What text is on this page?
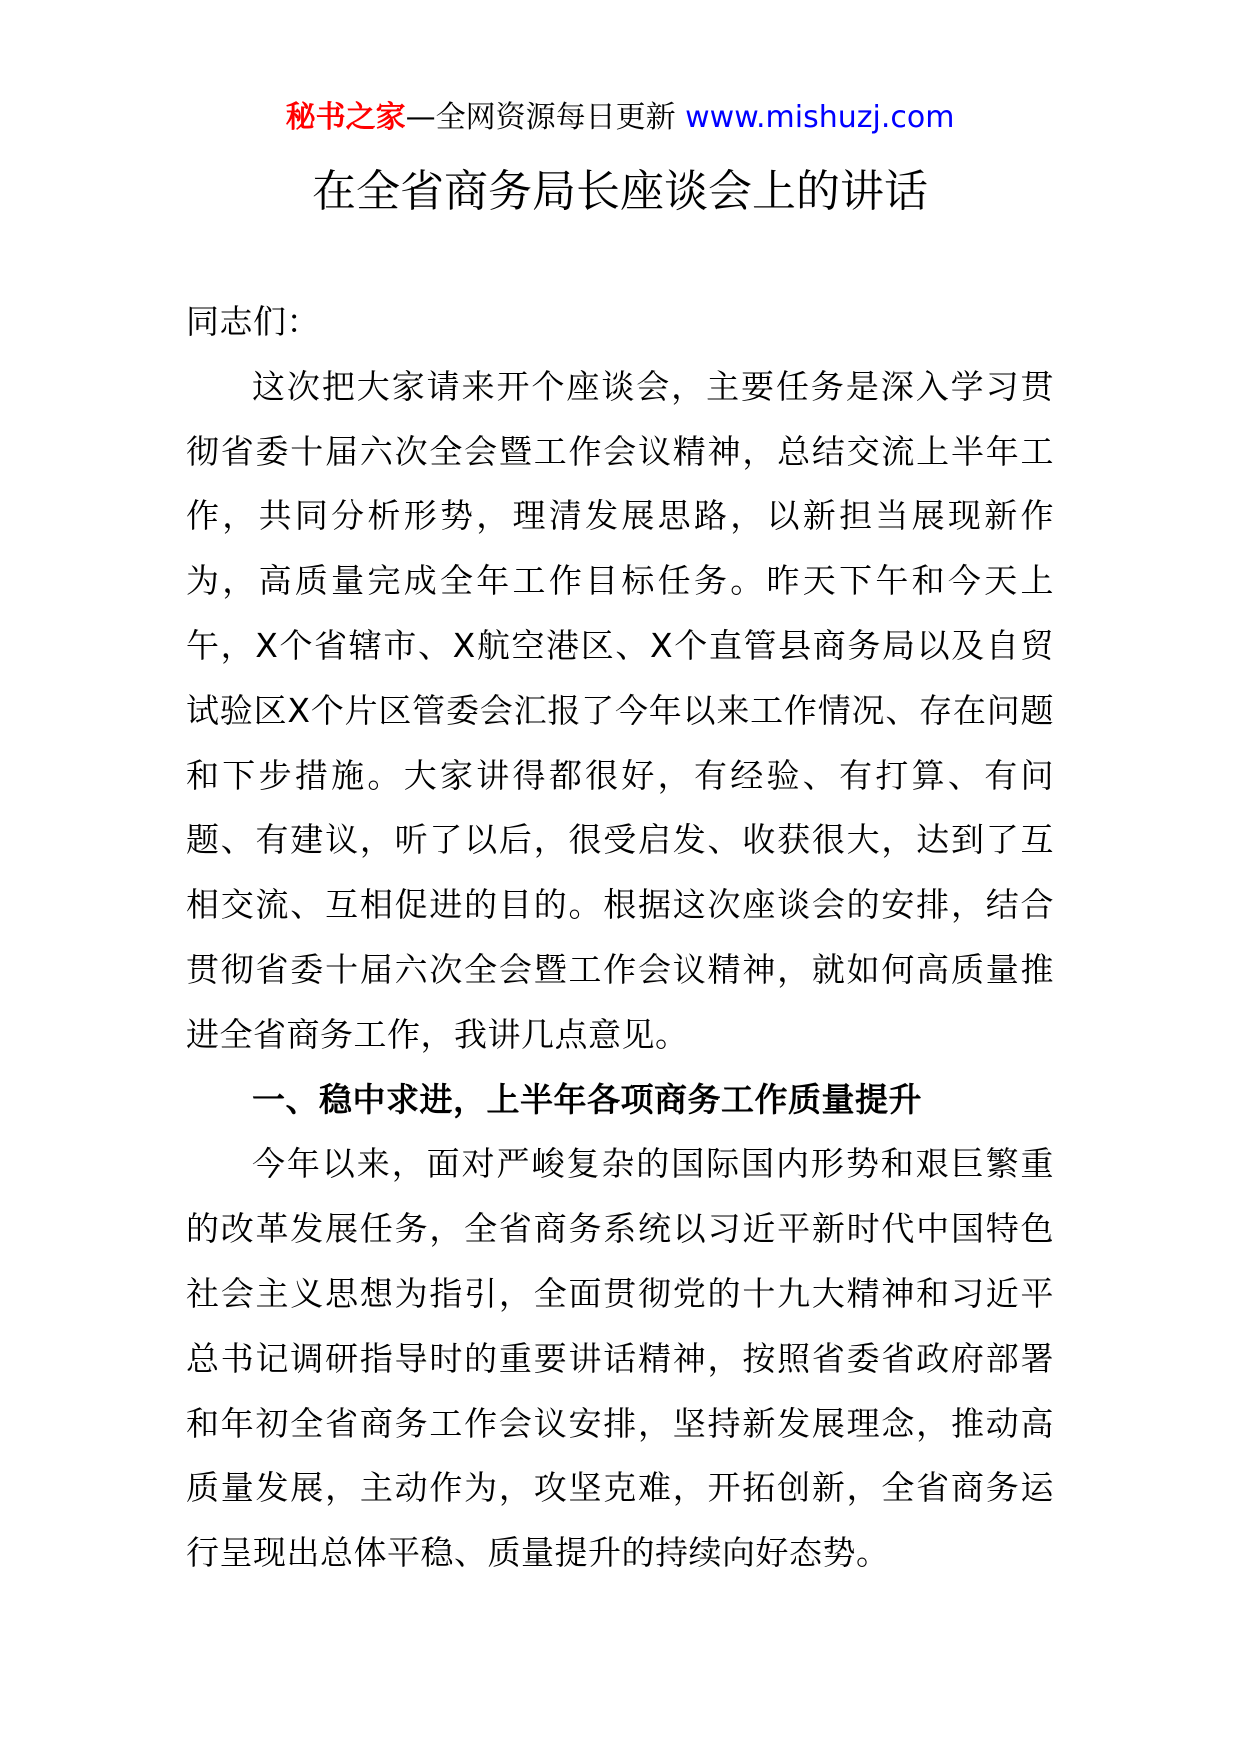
秘书之家—全网资源每日更新 www.mishuzj.com
在全省商务局长座谈会上的讲话

同志们：

这次把大家请来开个座谈会，主要任务是深入学习贯彻省委十届六次全会暨工作会议精神，总结交流上半年工作，共同分析形势，理清发展思路，以新担当展现新作为，高质量完成全年工作目标任务。昨天下午和今天上午，X个省辖市、X航空港区、X个直管县商务局以及自贸试验区X个片区管委会汇报了今年以来工作情况、存在问题和下步措施。大家讲得都很好，有经验、有打算、有问题、有建议，听了以后，很受启发、收获很大，达到了互相交流、互相促进的目的。根据这次座谈会的安排，结合贯彻省委十届六次全会暨工作会议精神，就如何高质量推进全省商务工作，我讲几点意见。

一、稳中求进，上半年各项商务工作质量提升

今年以来，面对严峻复杂的国际国内形势和艰巨繁重的改革发展任务，全省商务系统以习近平新时代中国特色社会主义思想为指引，全面贯彻党的十九大精神和习近平总书记调研指导时的重要讲话精神，按照省委省政府部署和年初全省商务工作会议安排，坚持新发展理念，推动高质量发展，主动作为，攻坚克难，开拓创新，全省商务运行呈现出总体平稳、质量提升的持续向好态势。
